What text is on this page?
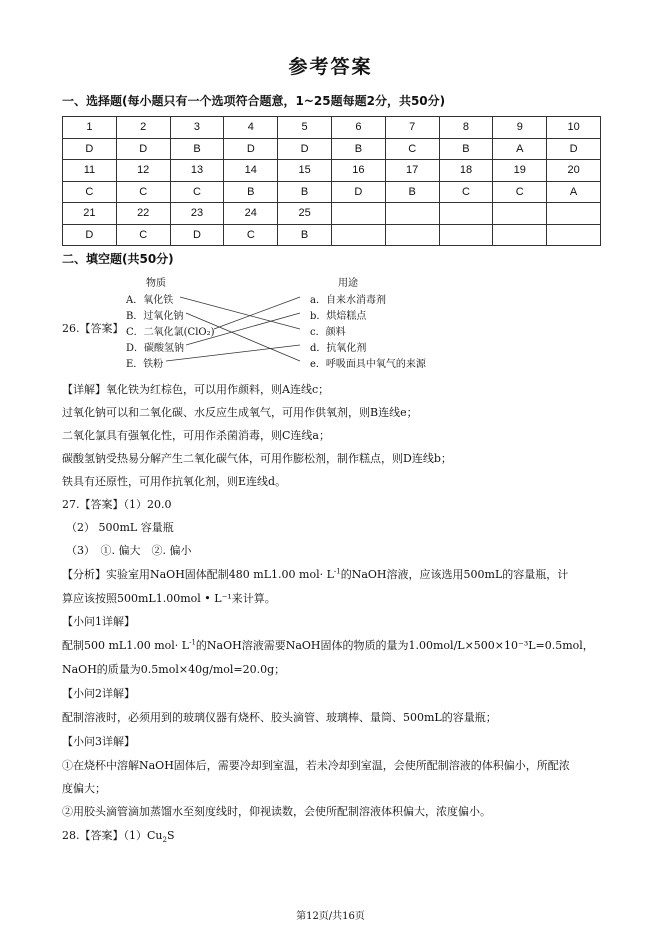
参考答案
一、选择题(每小题只有一个选项符合题意，1~25题每题2分，共50分)
1	2	3	4	5	6	7	8	9	10
D	D	B	D	D	B	C	B	A	D
11	12	13	14	15	16	17	18	19	20
C	C	C	B	B	D	B	C	C	A
21	22	23	24	25					
D	C	D	C	B					
二、填空题(共50分)
26.【答案】
物质	用途
A．氧化铁
B．过氧化钠
C．二氧化氯(ClO₂)
D．碳酸氢钠
E．铁粉
a．自来水消毒剂
b．烘焙糕点
c．颜料
d．抗氧化剂
e．呼吸面具中氧气的来源
【详解】氧化铁为红棕色，可以用作颜料，则A连线c；
过氧化钠可以和二氧化碳、水反应生成氧气，可用作供氧剂，则B连线e；
二氧化氯具有强氧化性，可用作杀菌消毒，则C连线a；
碳酸氢钠受热易分解产生二氧化碳气体，可用作膨松剂，制作糕点，则D连线b；
铁具有还原性，可用作抗氧化剂，则E连线d。
27.【答案】（1）20.0
（2） 500mL 容量瓶
（3）　①. 偏大　②. 偏小
【分析】实验室用NaOH固体配制480 mL1.00 $mol\cdot L^{-1}$的NaOH溶液，应该选用500mL的容量瓶，计
算应该按照500mL1.00mol • L⁻¹来计算。
【小问1详解】
配制500 mL1.00 $mol\cdot L^{-1}$的NaOH溶液需要NaOH固体的物质的量为1.00mol/L×500×10⁻³L=0.5mol，
NaOH的质量为0.5mol×40g/mol=20.0g；
【小问2详解】
配制溶液时，必须用到的玻璃仪器有烧杯、胶头滴管、玻璃棒、量筒、500mL的容量瓶；
【小问3详解】
①在烧杯中溶解NaOH固体后，需要冷却到室温，若未冷却到室温，会使所配制溶液的体积偏小，所配浓
度偏大；
②用胶头滴管滴加蒸馏水至刻度线时，仰视读数，会使所配制溶液体积偏大，浓度偏小。
28.【答案】$(1)Cu_2S$
第12页/共16页
